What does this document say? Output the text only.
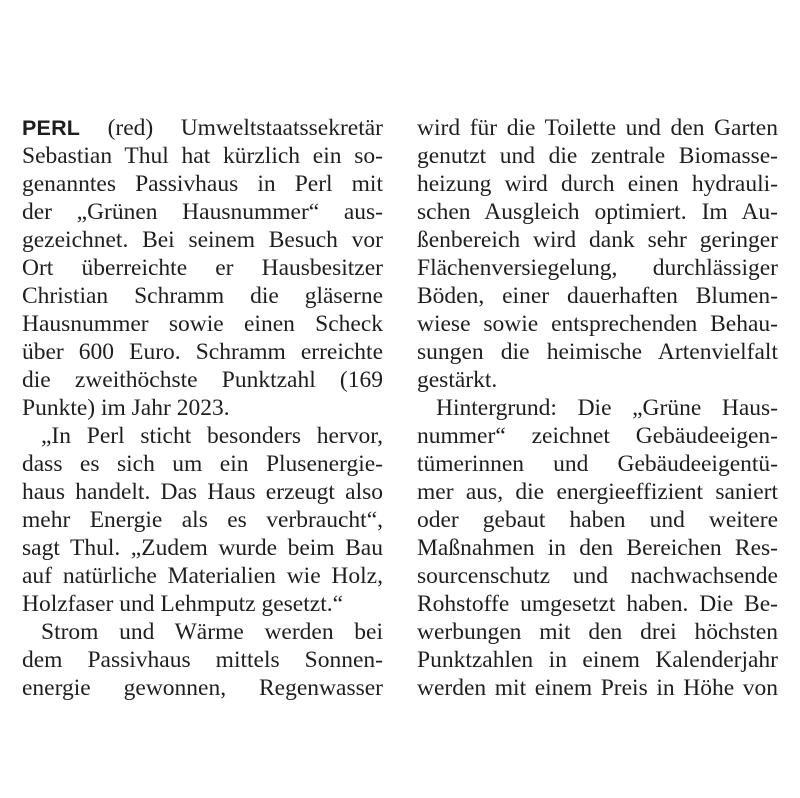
PERL (red) Umweltstaatssekretär
Sebastian Thul hat kürzlich ein so-
genanntes Passivhaus in Perl mit
der „Grünen Hausnummer“ aus-
gezeichnet. Bei seinem Besuch vor
Ort überreichte er Hausbesitzer
Christian Schramm die gläserne
Hausnummer sowie einen Scheck
über 600 Euro. Schramm erreichte
die zweithöchste Punktzahl (169
Punkte) im Jahr 2023.
„In Perl sticht besonders hervor,
dass es sich um ein Plusenergie-
haus handelt. Das Haus erzeugt also
mehr Energie als es verbraucht“,
sagt Thul. „Zudem wurde beim Bau
auf natürliche Materialien wie Holz,
Holzfaser und Lehmputz gesetzt.“
Strom und Wärme werden bei
dem Passivhaus mittels Sonnen-
energie gewonnen, Regenwasser
wird für die Toilette und den Garten
genutzt und die zentrale Biomasse-
heizung wird durch einen hydrauli-
schen Ausgleich optimiert. Im Au-
ßenbereich wird dank sehr geringer
Flächenversiegelung, durchlässiger
Böden, einer dauerhaften Blumen-
wiese sowie entsprechenden Behau-
sungen die heimische Artenvielfalt
gestärkt.
Hintergrund: Die „Grüne Haus-
nummer“ zeichnet Gebäudeeigen-
tümerinnen und Gebäudeeigentü-
mer aus, die energieeffizient saniert
oder gebaut haben und weitere
Maßnahmen in den Bereichen Res-
sourcenschutz und nachwachsende
Rohstoffe umgesetzt haben. Die Be-
werbungen mit den drei höchsten
Punktzahlen in einem Kalenderjahr
werden mit einem Preis in Höhe von
